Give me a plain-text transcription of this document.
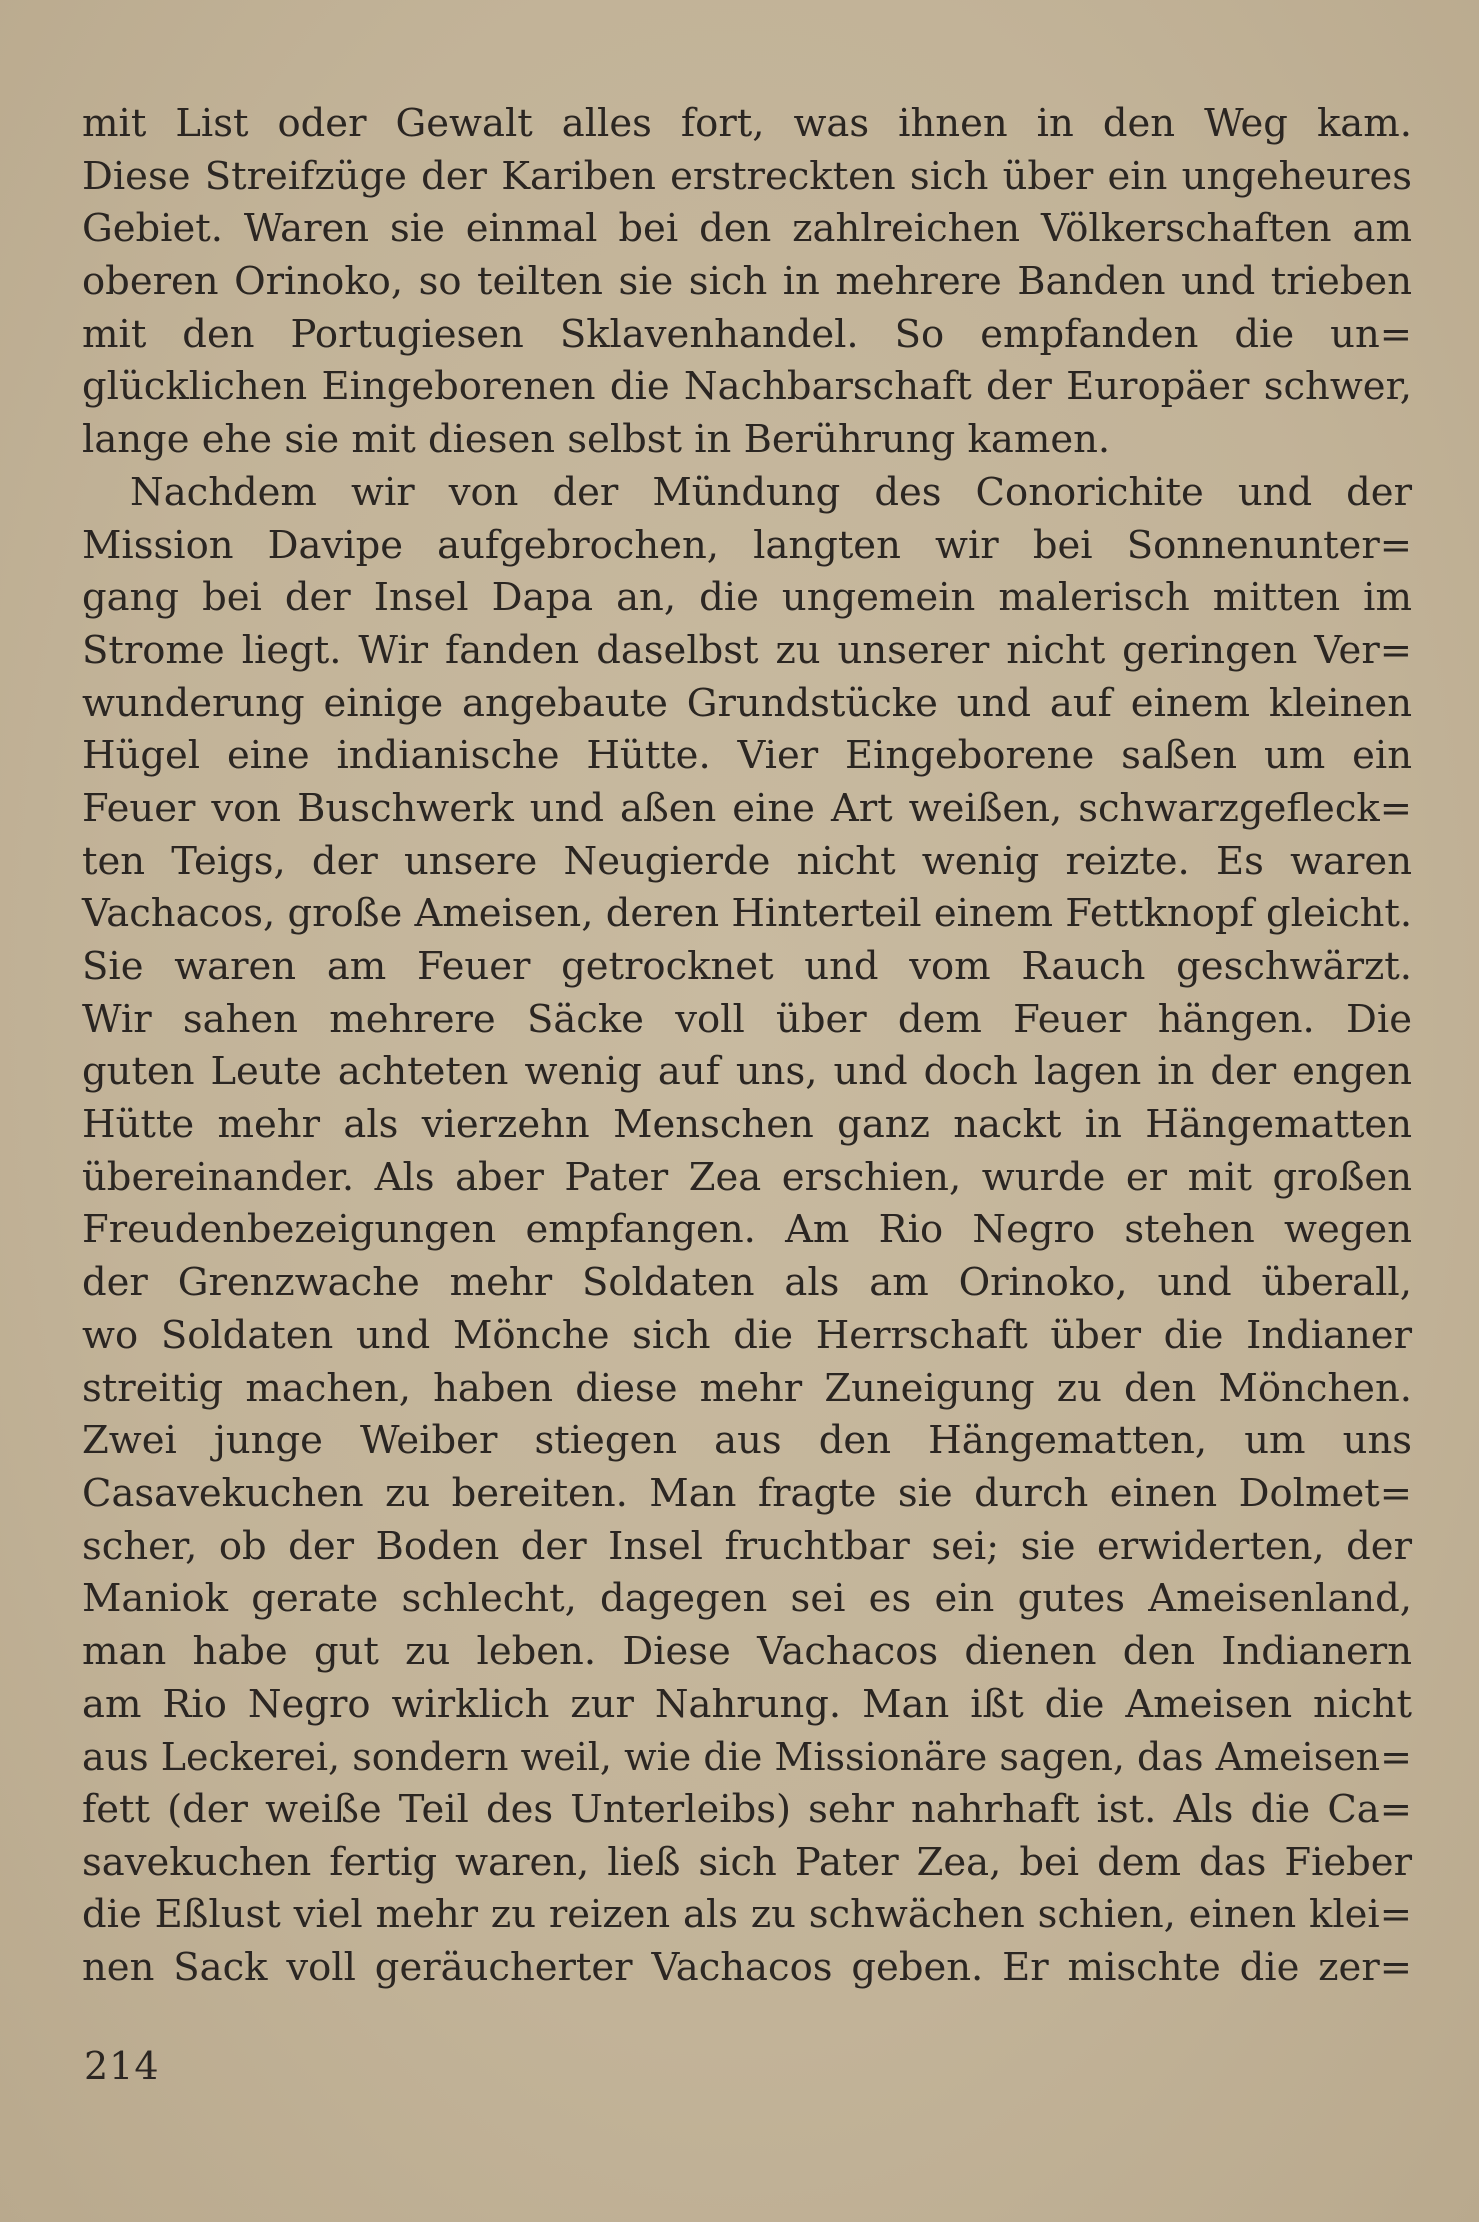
mit List oder Gewalt alles fort, was ihnen in den Weg kam.
Diese Streifzüge der Kariben erstreckten sich über ein ungeheures
Gebiet. Waren sie einmal bei den zahlreichen Völkerschaften am
oberen Orinoko, so teilten sie sich in mehrere Banden und trieben
mit den Portugiesen Sklavenhandel. So empfanden die un=
glücklichen Eingeborenen die Nachbarschaft der Europäer schwer,
lange ehe sie mit diesen selbst in Berührung kamen.
Nachdem wir von der Mündung des Conorichite und der
Mission Davipe aufgebrochen, langten wir bei Sonnenunter=
gang bei der Insel Dapa an, die ungemein malerisch mitten im
Strome liegt. Wir fanden daselbst zu unserer nicht geringen Ver=
wunderung einige angebaute Grundstücke und auf einem kleinen
Hügel eine indianische Hütte. Vier Eingeborene saßen um ein
Feuer von Buschwerk und aßen eine Art weißen, schwarzgefleck=
ten Teigs, der unsere Neugierde nicht wenig reizte. Es waren
Vachacos, große Ameisen, deren Hinterteil einem Fettknopf gleicht.
Sie waren am Feuer getrocknet und vom Rauch geschwärzt.
Wir sahen mehrere Säcke voll über dem Feuer hängen. Die
guten Leute achteten wenig auf uns, und doch lagen in der engen
Hütte mehr als vierzehn Menschen ganz nackt in Hängematten
übereinander. Als aber Pater Zea erschien, wurde er mit großen
Freudenbezeigungen empfangen. Am Rio Negro stehen wegen
der Grenzwache mehr Soldaten als am Orinoko, und überall,
wo Soldaten und Mönche sich die Herrschaft über die Indianer
streitig machen, haben diese mehr Zuneigung zu den Mönchen.
Zwei junge Weiber stiegen aus den Hängematten, um uns
Casavekuchen zu bereiten. Man fragte sie durch einen Dolmet=
scher, ob der Boden der Insel fruchtbar sei; sie erwiderten, der
Maniok gerate schlecht, dagegen sei es ein gutes Ameisenland,
man habe gut zu leben. Diese Vachacos dienen den Indianern
am Rio Negro wirklich zur Nahrung. Man ißt die Ameisen nicht
aus Leckerei, sondern weil, wie die Missionäre sagen, das Ameisen=
fett (der weiße Teil des Unterleibs) sehr nahrhaft ist. Als die Ca=
savekuchen fertig waren, ließ sich Pater Zea, bei dem das Fieber
die Eßlust viel mehr zu reizen als zu schwächen schien, einen klei=
nen Sack voll geräucherter Vachacos geben. Er mischte die zer=
214
